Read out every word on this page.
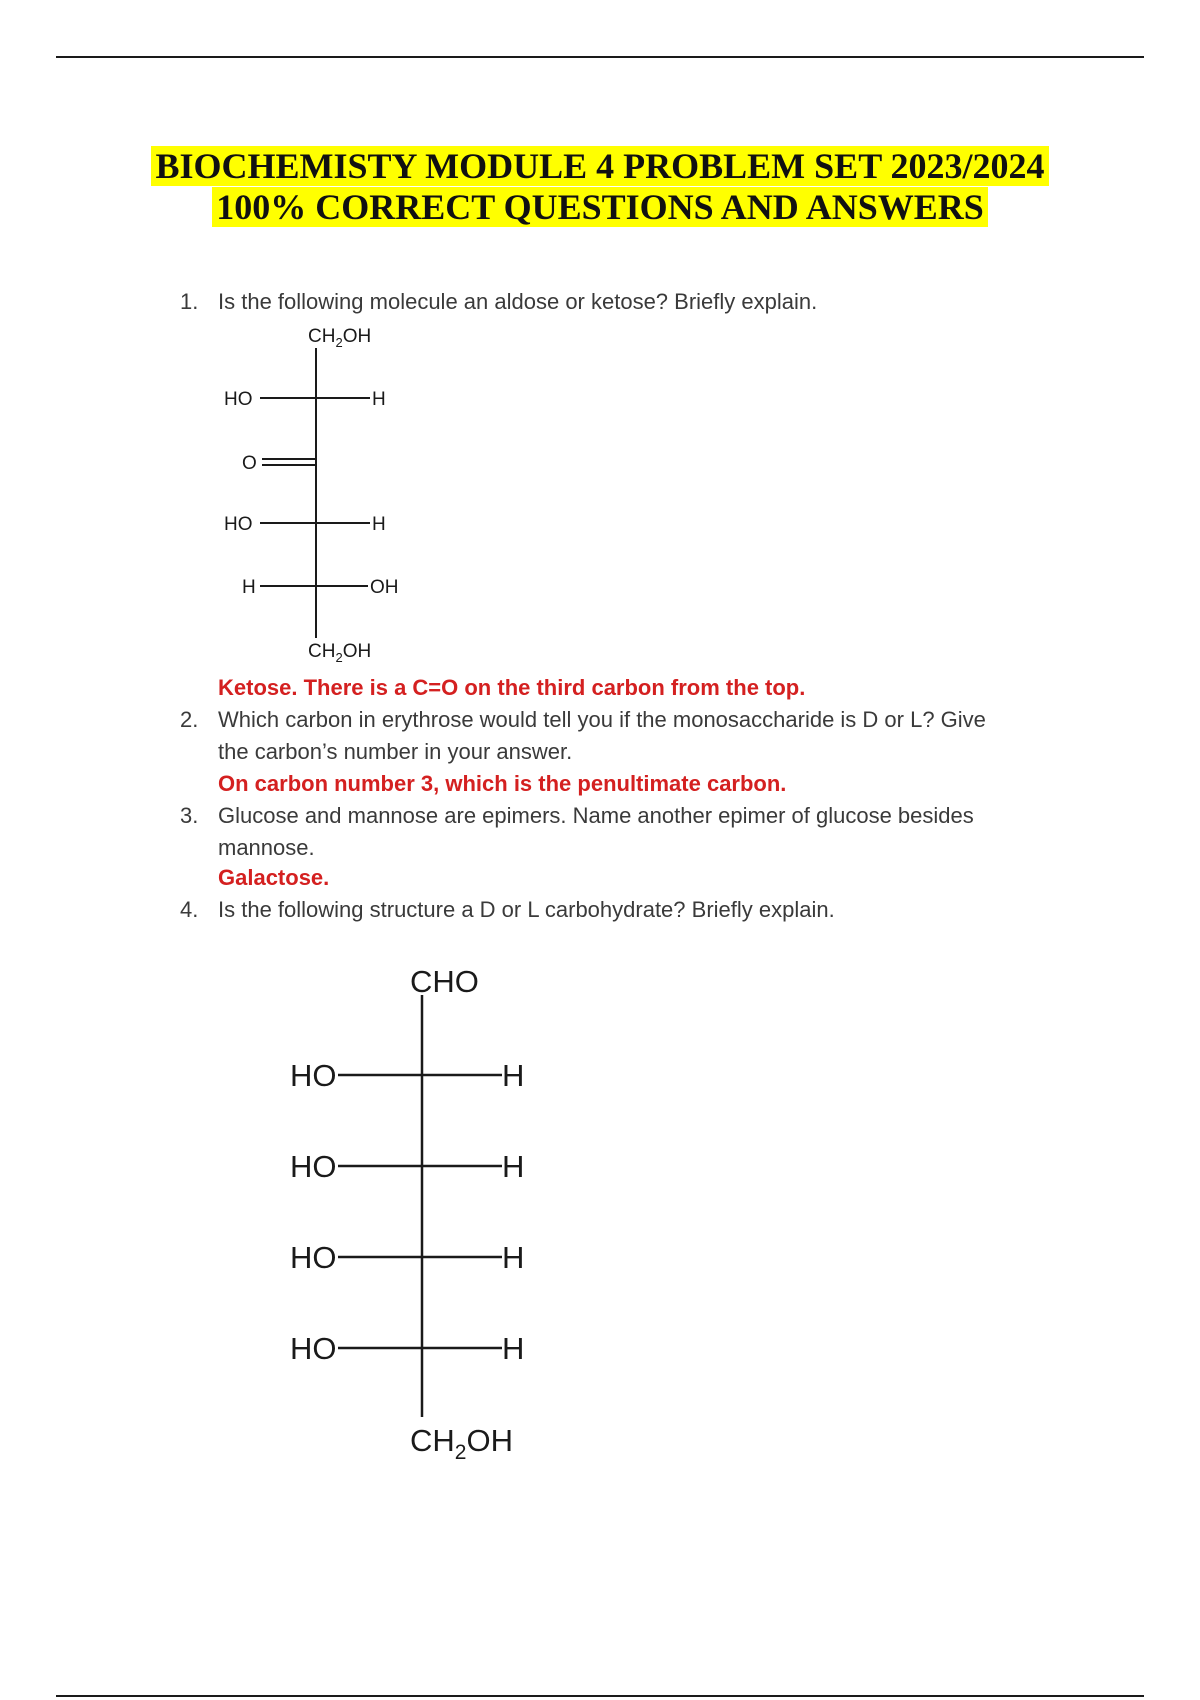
BIOCHEMISTY MODULE 4 PROBLEM SET 2023/2024
100% CORRECT QUESTIONS AND ANSWERS
1. Is the following molecule an aldose or ketose? Briefly explain.
$CH_2OH$
HO	H
O
HO	H
H	OH
$CH_2OH$
Ketose. There is a C=O on the third carbon from the top.
2. Which carbon in erythrose would tell you if the monosaccharide is D or L? Give
the carbon’s number in your answer.
On carbon number 3, which is the penultimate carbon.
3. Glucose and mannose are epimers. Name another epimer of glucose besides
mannose.
Galactose.
4. Is the following structure a D or L carbohydrate? Briefly explain.
CHO
HO	H
HO	H
HO	H
HO	H
$CH_2OH$
